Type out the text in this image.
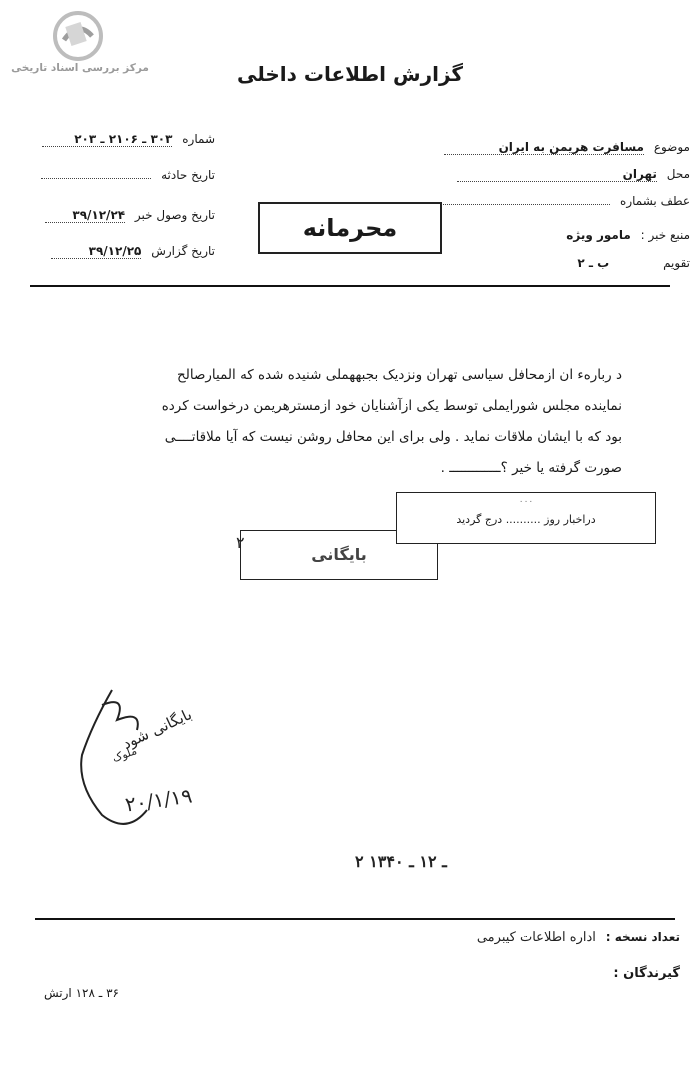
مرکز بررسی اسناد تاریخی	گزارش اطلاعات داخلی
شماره ۳۰۳ ـ ۲۱۰۶ ـ ۲۰۳
تاریخ حادثه
تاریخ وصول خبر ۳۹/۱۲/۲۴
تاریخ گزارش ۳۹/۱۲/۲۵
موضوع مسافرت هریمن به ایران
محل تهران
عطف بشماره
منبع خبر : مامور ویژه
تقویم ب ـ ۲
محرمانه

د ربارهء ان ازمحافل سیاسی تهران ونزدیک بجبههملی شنیده شده که المیارصالح

نماینده مجلس شورایملی توسط یکی ازآشنایان خود ازمسترهریمن درخواست کرده

بود که با ایشان ملاقات نماید . ولی برای این محافل روشن نیست که آیا ملاقاتــــی

صورت گرفته یا خیر ؟ـــــــــــــ .

بایگانی
۰۰۰
دراخبار روز .......... درج گردید
۲
بایگانی شود
ملوک
۲۰/۱/۱۹
۲ ـ ۱۲ ـ ۱۳۴۰
تعداد نسخه : اداره اطلاعات کیبرمی
گیرندگان :
۳۶ ـ ۱۲۸ ارتش
